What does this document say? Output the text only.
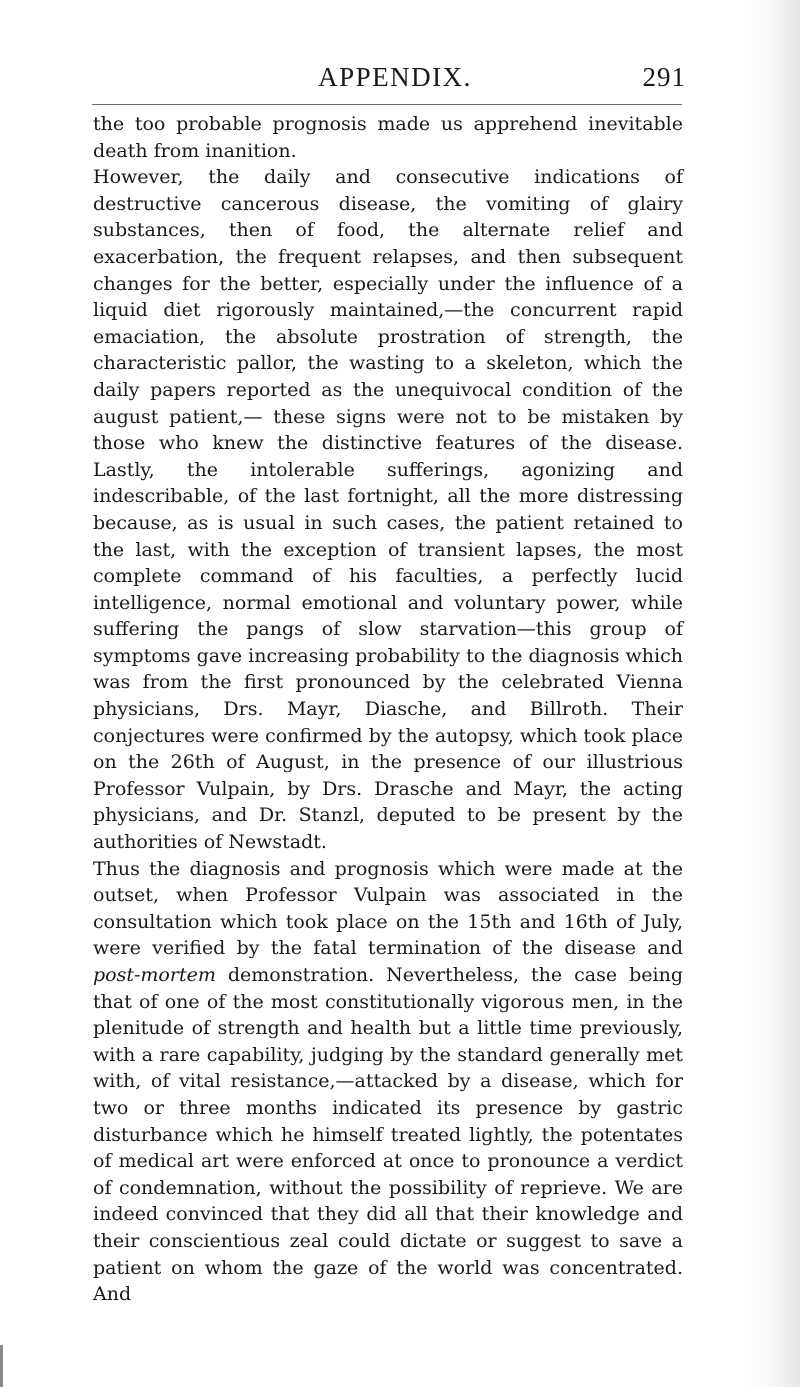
APPENDIX.	291

the too probable prognosis made us apprehend inevitable death from inanition.

However, the daily and consecutive indications of destructive cancerous disease, the vomiting of glairy substances, then of food, the alternate relief and exacerbation, the frequent relapses, and then subsequent changes for the better, especially under the influence of a liquid diet rigorously maintained,—the concurrent rapid emaciation, the absolute prostration of strength, the characteristic pallor, the wasting to a skeleton, which the daily papers reported as the unequivocal condition of the august patient,— these signs were not to be mistaken by those who knew the distinctive features of the disease. Lastly, the intolerable sufferings, agonizing and indescribable, of the last fortnight, all the more distressing because, as is usual in such cases, the patient retained to the last, with the exception of transient lapses, the most complete command of his faculties, a perfectly lucid intelligence, normal emotional and voluntary power, while suffering the pangs of slow starvation—this group of symptoms gave increasing probability to the diagnosis which was from the first pronounced by the celebrated Vienna physicians, Drs. Mayr, Diasche, and Billroth. Their conjectures were confirmed by the autopsy, which took place on the 26th of August, in the presence of our illustrious Professor Vulpain, by Drs. Drasche and Mayr, the acting physicians, and Dr. Stanzl, deputed to be present by the authorities of Newstadt.

Thus the diagnosis and prognosis which were made at the outset, when Professor Vulpain was associated in the consultation which took place on the 15th and 16th of July, were verified by the fatal termination of the disease and post-mortem demonstration. Nevertheless, the case being that of one of the most constitutionally vigorous men, in the plenitude of strength and health but a little time previously, with a rare capability, judging by the standard generally met with, of vital resistance,—attacked by a disease, which for two or three months indicated its presence by gastric disturbance which he himself treated lightly, the potentates of medical art were enforced at once to pronounce a verdict of condemnation, without the possibility of reprieve. We are indeed convinced that they did all that their knowledge and their conscientious zeal could dictate or suggest to save a patient on whom the gaze of the world was concentrated. And
